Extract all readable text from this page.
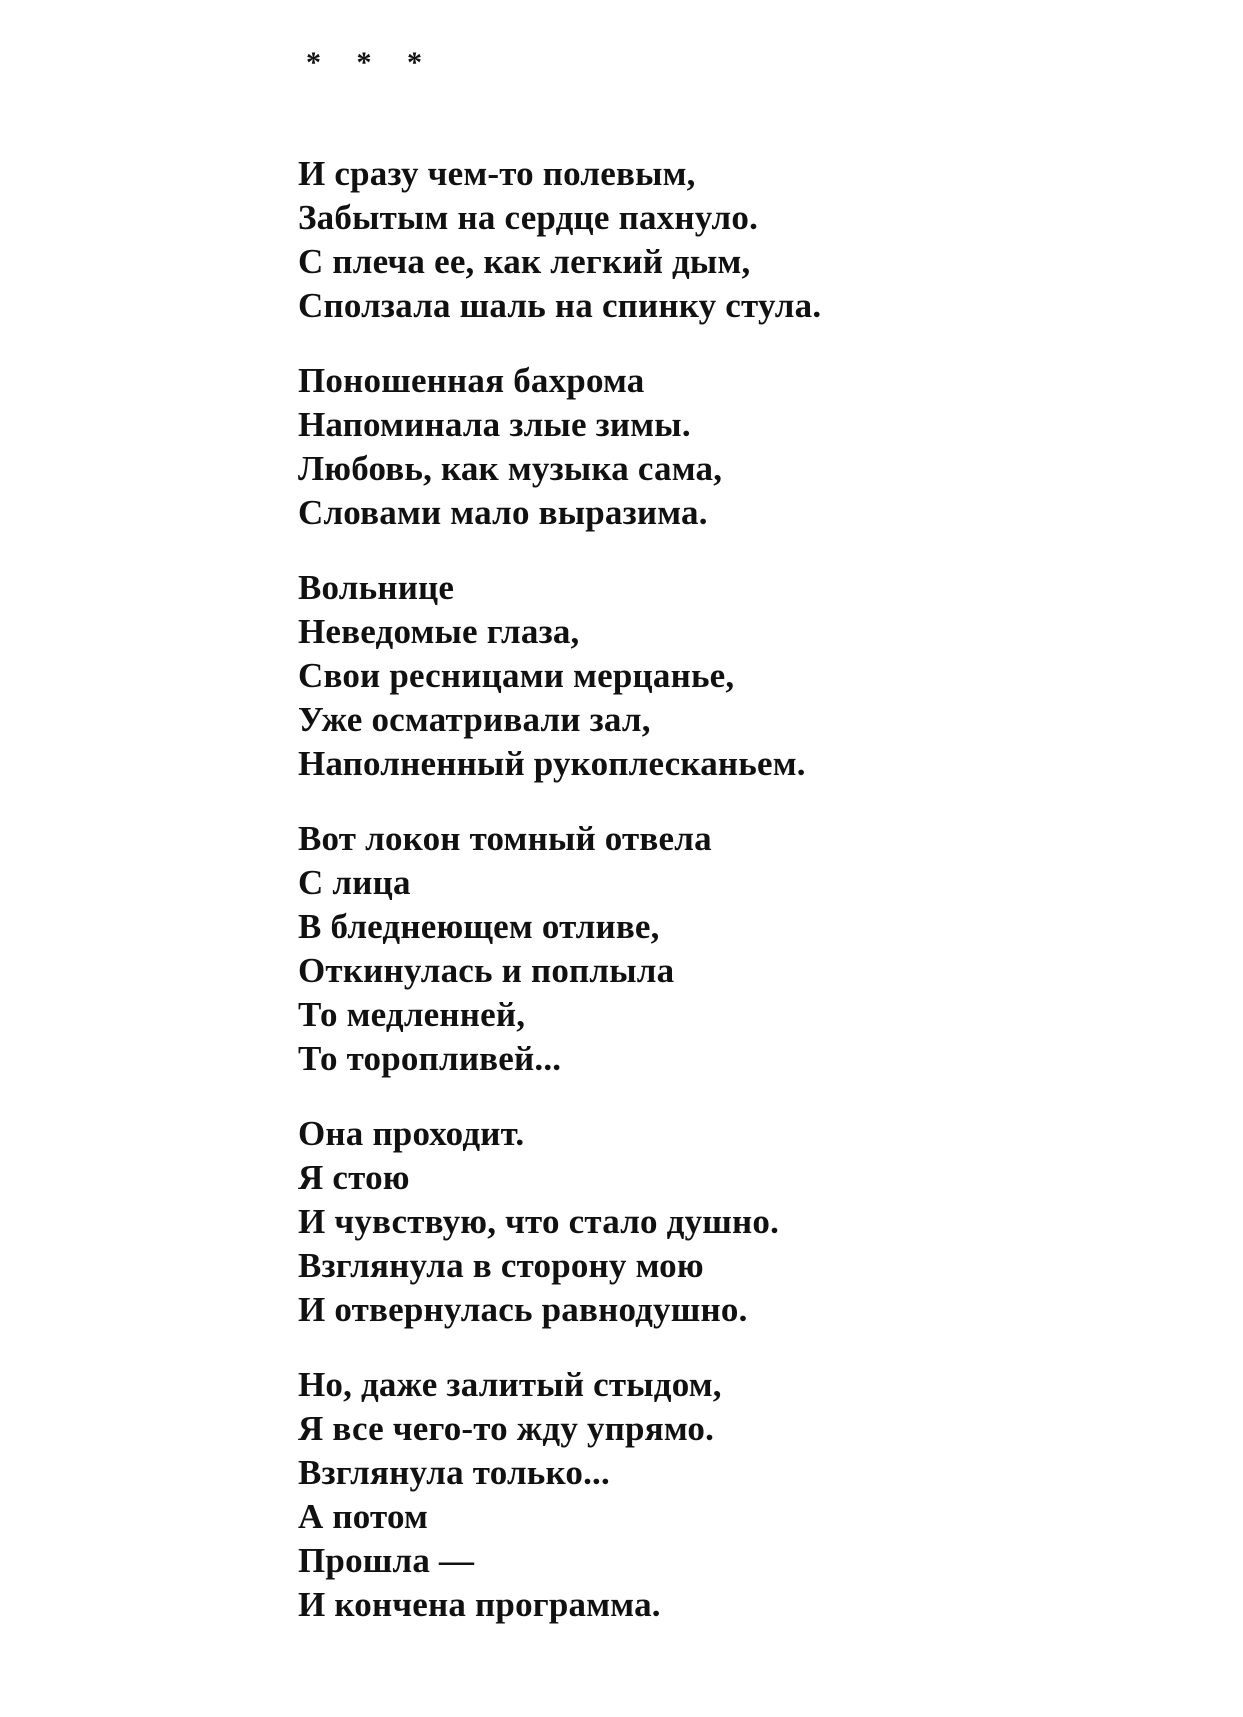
* * *
И сразу чем-то полевым,
Забытым на сердце пахнуло.
С плеча ее, как легкий дым,
Сползала шаль на спинку стула.
Поношенная бахрома
Напоминала злые зимы.
Любовь, как музыка сама,
Словами мало выразима.
Вольнице
Неведомые глаза,
Свои ресницами мерцанье,
Уже осматривали зал,
Наполненный рукоплесканьем.
Вот локон томный отвела
С лица
В бледнеющем отливе,
Откинулась и поплыла
То медленней,
То торопливей...
Она проходит.
Я стою
И чувствую, что стало душно.
Взглянула в сторону мою
И отвернулась равнодушно.
Но, даже залитый стыдом,
Я все чего-то жду упрямо.
Взглянула только...
А потом
Прошла —
И кончена программа.
